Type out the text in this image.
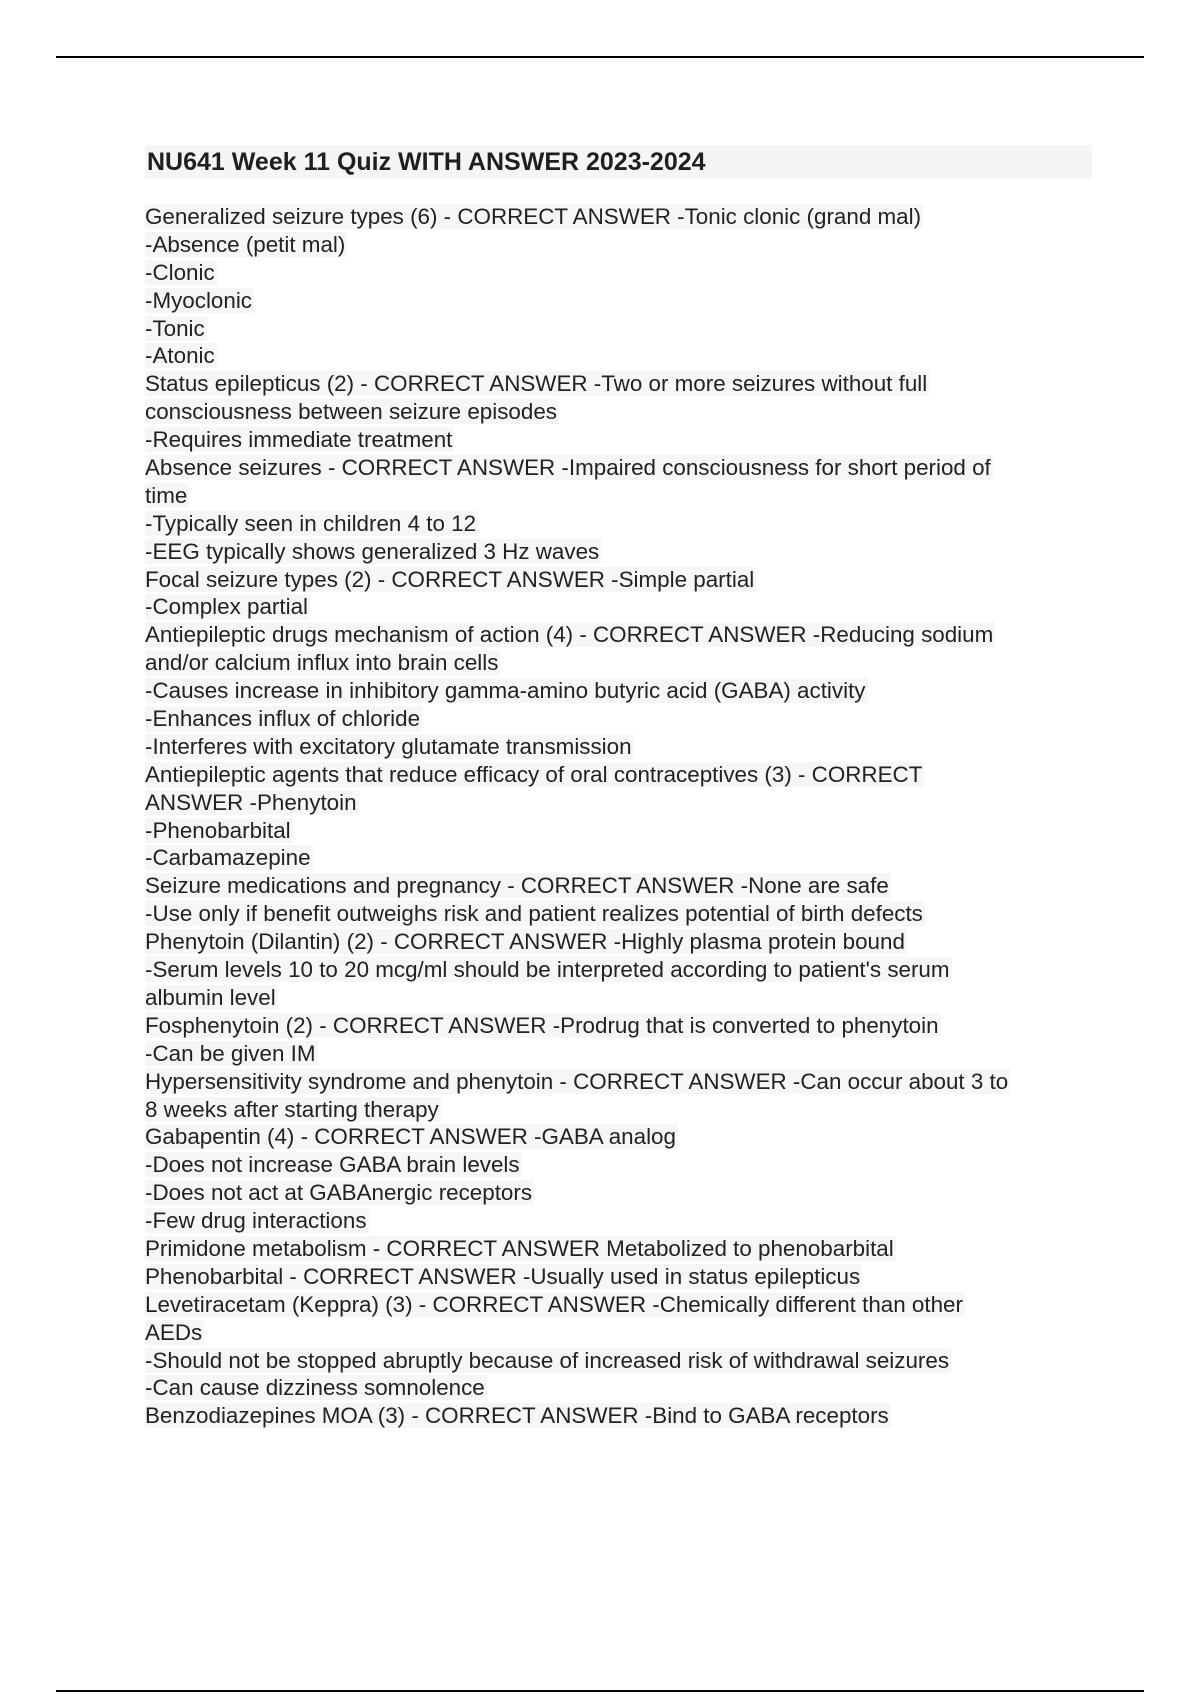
NU641 Week 11 Quiz WITH ANSWER 2023-2024
Generalized seizure types (6) - CORRECT ANSWER -Tonic clonic (grand mal)
-Absence (petit mal)
-Clonic
-Myoclonic
-Tonic
-Atonic
Status epilepticus (2) - CORRECT ANSWER -Two or more seizures without full
consciousness between seizure episodes
-Requires immediate treatment
Absence seizures - CORRECT ANSWER -Impaired consciousness for short period of
time
-Typically seen in children 4 to 12
-EEG typically shows generalized 3 Hz waves
Focal seizure types (2) - CORRECT ANSWER -Simple partial
-Complex partial
Antiepileptic drugs mechanism of action (4) - CORRECT ANSWER -Reducing sodium
and/or calcium influx into brain cells
-Causes increase in inhibitory gamma-amino butyric acid (GABA) activity
-Enhances influx of chloride
-Interferes with excitatory glutamate transmission
Antiepileptic agents that reduce efficacy of oral contraceptives (3) - CORRECT
ANSWER -Phenytoin
-Phenobarbital
-Carbamazepine
Seizure medications and pregnancy - CORRECT ANSWER -None are safe
-Use only if benefit outweighs risk and patient realizes potential of birth defects
Phenytoin (Dilantin) (2) - CORRECT ANSWER -Highly plasma protein bound
-Serum levels 10 to 20 mcg/ml should be interpreted according to patient's serum
albumin level
Fosphenytoin (2) - CORRECT ANSWER -Prodrug that is converted to phenytoin
-Can be given IM
Hypersensitivity syndrome and phenytoin - CORRECT ANSWER -Can occur about 3 to
8 weeks after starting therapy
Gabapentin (4) - CORRECT ANSWER -GABA analog
-Does not increase GABA brain levels
-Does not act at GABAnergic receptors
-Few drug interactions
Primidone metabolism - CORRECT ANSWER Metabolized to phenobarbital
Phenobarbital - CORRECT ANSWER -Usually used in status epilepticus
Levetiracetam (Keppra) (3) - CORRECT ANSWER -Chemically different than other
AEDs
-Should not be stopped abruptly because of increased risk of withdrawal seizures
-Can cause dizziness somnolence
Benzodiazepines MOA (3) - CORRECT ANSWER -Bind to GABA receptors
